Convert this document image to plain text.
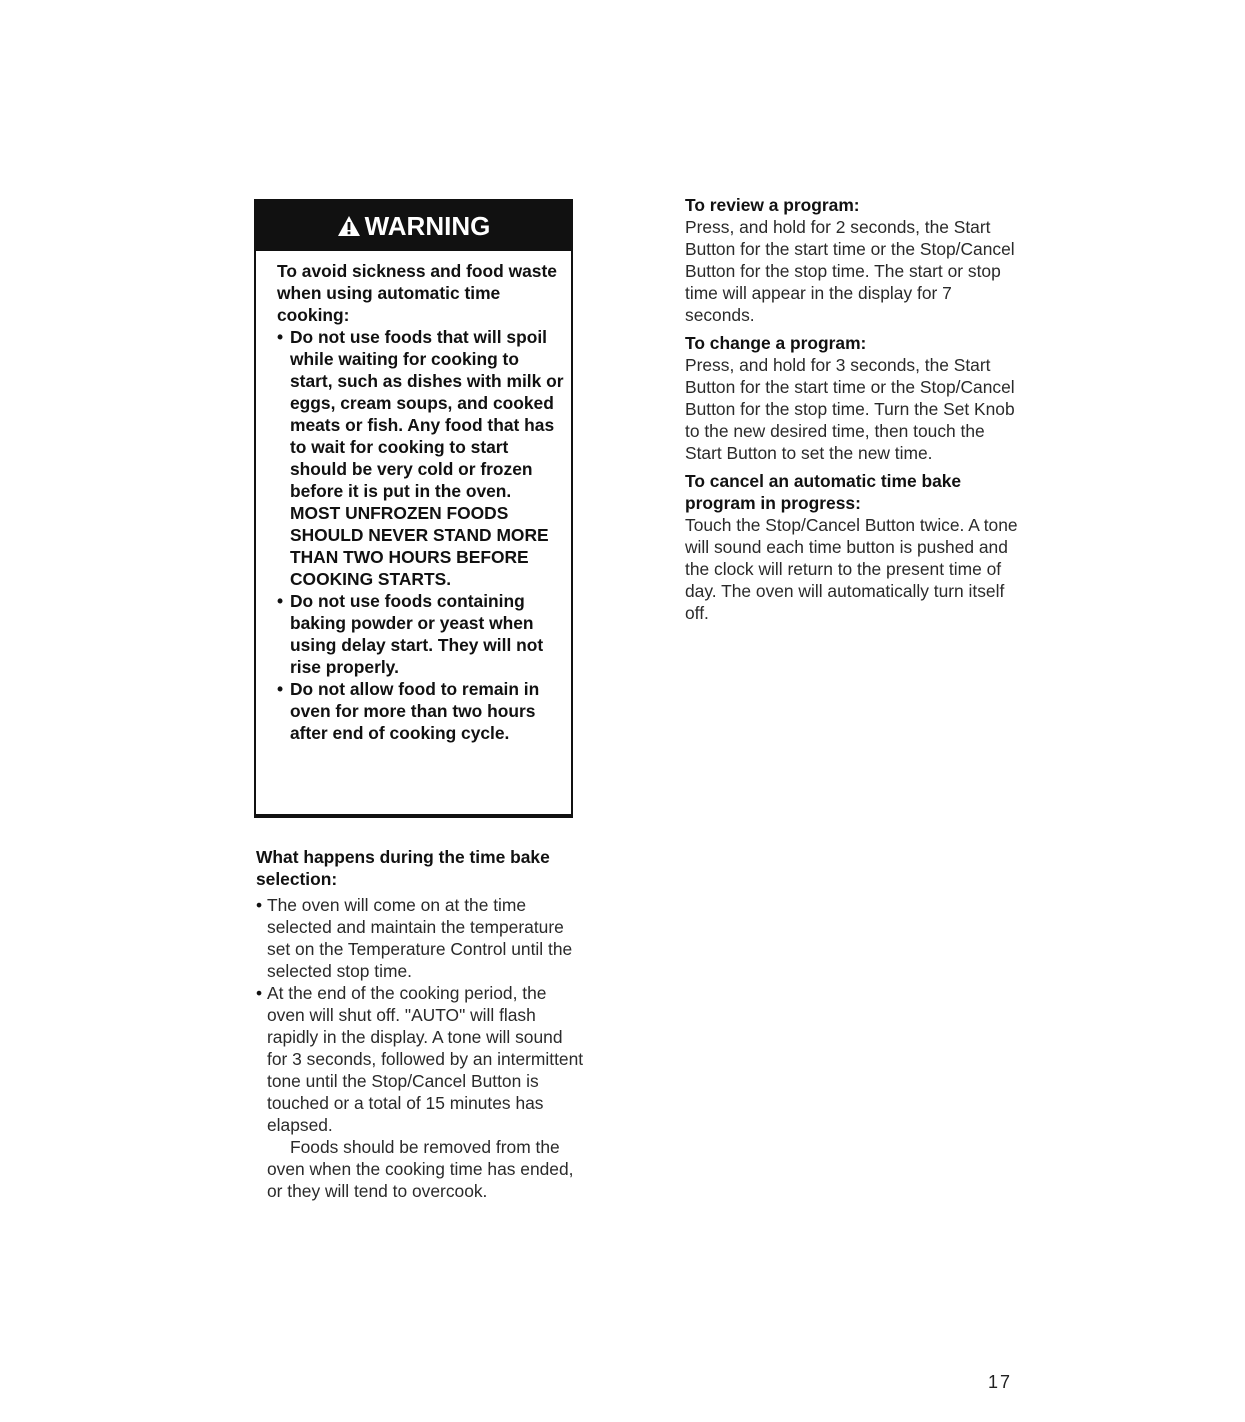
WARNING

To avoid sickness and food waste when using automatic time cooking:

• Do not use foods that will spoil while waiting for cooking to start, such as dishes with milk or eggs, cream soups, and cooked meats or fish. Any food that has to wait for cooking to start should be very cold or frozen before it is put in the oven. MOST UNFROZEN FOODS SHOULD NEVER STAND MORE THAN TWO HOURS BEFORE COOKING STARTS.
• Do not use foods containing baking powder or yeast when using delay start. They will not rise properly.
• Do not allow food to remain in oven for more than two hours after end of cooking cycle.
What happens during the time bake selection:
• The oven will come on at the time selected and maintain the temperature set on the Temperature Control until the selected stop time.
• At the end of the cooking period, the oven will shut off. "AUTO" will flash rapidly in the display. A tone will sound for 3 seconds, followed by an intermittent tone until the Stop/Cancel Button is touched or a total of 15 minutes has elapsed.

Foods should be removed from the oven when the cooking time has ended, or they will tend to overcook.

To review a program:

Press, and hold for 2 seconds, the Start Button for the start time or the Stop/Cancel Button for the stop time. The start or stop time will appear in the display for 7 seconds.

To change a program:

Press, and hold for 3 seconds, the Start Button for the start time or the Stop/Cancel Button for the stop time. Turn the Set Knob to the new desired time, then touch the Start Button to set the new time.

To cancel an automatic time bake program in progress:

Touch the Stop/Cancel Button twice. A tone will sound each time button is pushed and the clock will return to the present time of day. The oven will automatically turn itself off.

17
